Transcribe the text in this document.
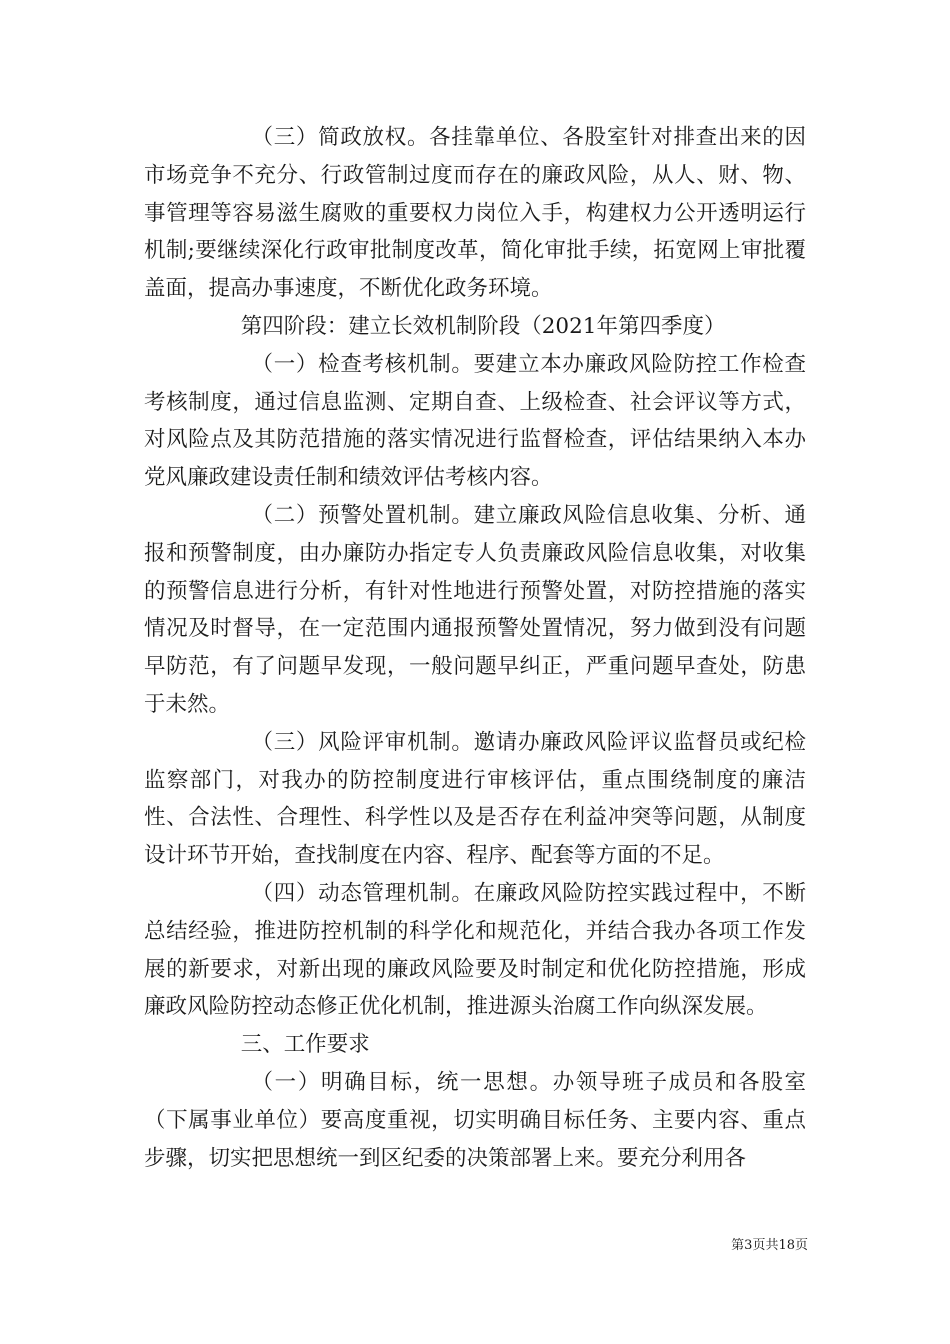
（三）简政放权。各挂靠单位、各股室针对排查出来的因市场竞争不充分、行政管制过度而存在的廉政风险，从人、财、物、事管理等容易滋生腐败的重要权力岗位入手，构建权力公开透明运行机制;要继续深化行政审批制度改革，简化审批手续，拓宽网上审批覆盖面，提高办事速度，不断优化政务环境。

第四阶段：建立长效机制阶段（2021年第四季度）

（一）检查考核机制。要建立本办廉政风险防控工作检查考核制度，通过信息监测、定期自查、上级检查、社会评议等方式，对风险点及其防范措施的落实情况进行监督检查，评估结果纳入本办党风廉政建设责任制和绩效评估考核内容。

（二）预警处置机制。建立廉政风险信息收集、分析、通报和预警制度，由办廉防办指定专人负责廉政风险信息收集，对收集的预警信息进行分析，有针对性地进行预警处置，对防控措施的落实情况及时督导，在一定范围内通报预警处置情况，努力做到没有问题早防范，有了问题早发现，一般问题早纠正，严重问题早查处，防患于未然。

（三）风险评审机制。邀请办廉政风险评议监督员或纪检监察部门，对我办的防控制度进行审核评估，重点围绕制度的廉洁性、合法性、合理性、科学性以及是否存在利益冲突等问题，从制度设计环节开始，查找制度在内容、程序、配套等方面的不足。

（四）动态管理机制。在廉政风险防控实践过程中，不断总结经验，推进防控机制的科学化和规范化，并结合我办各项工作发展的新要求，对新出现的廉政风险要及时制定和优化防控措施，形成廉政风险防控动态修正优化机制，推进源头治腐工作向纵深发展。

三、工作要求

（一）明确目标，统一思想。办领导班子成员和各股室（下属事业单位）要高度重视，切实明确目标任务、主要内容、重点步骤，切实把思想统一到区纪委的决策部署上来。要充分利用各

第3页共18页
